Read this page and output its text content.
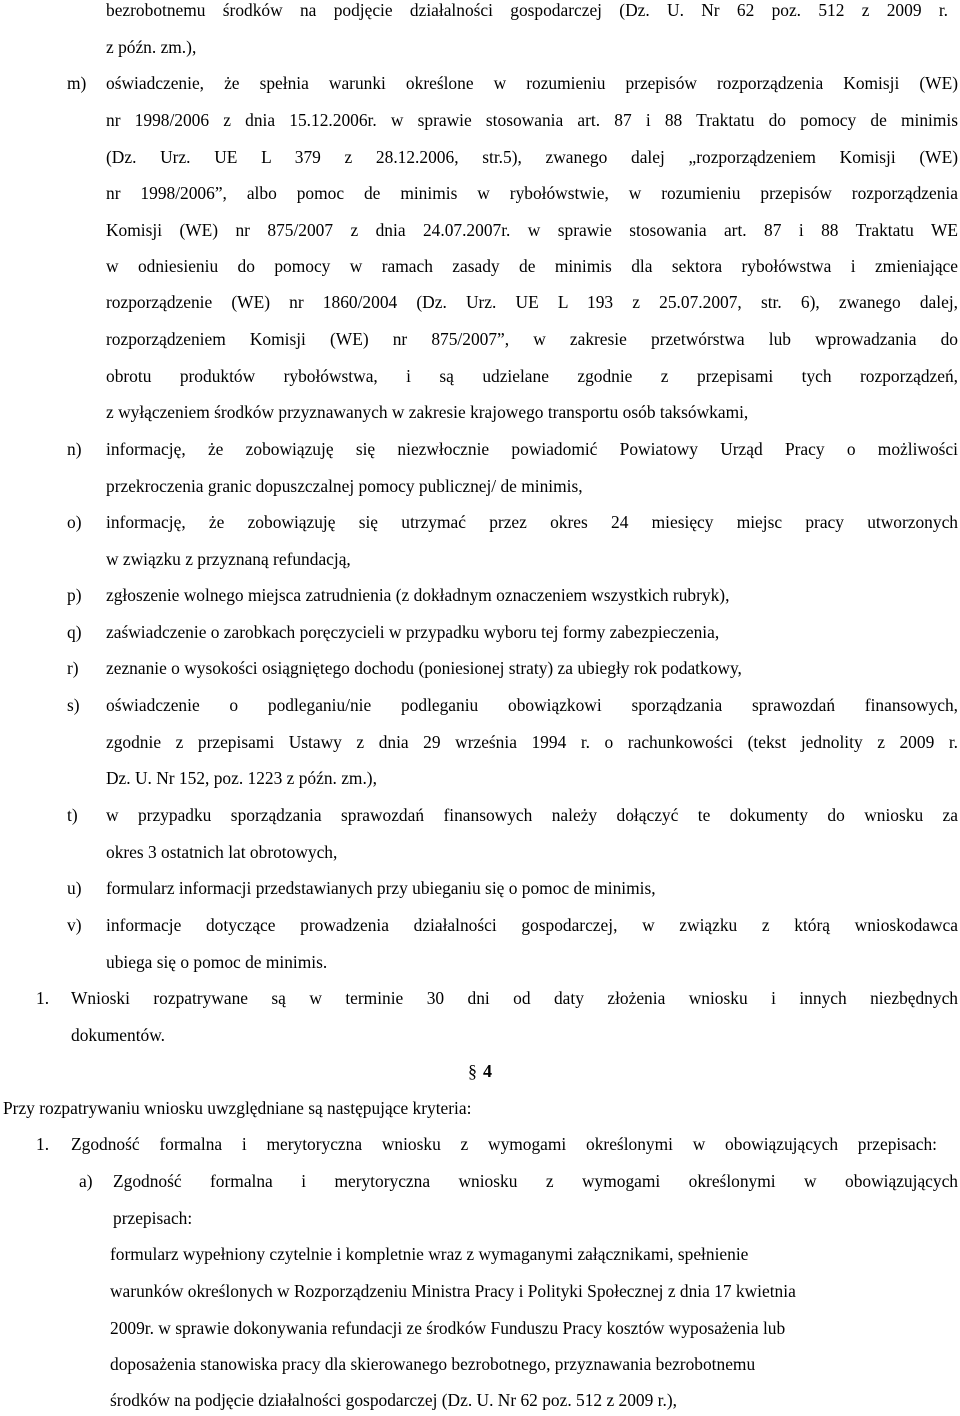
bezrobotnemu środków na podjęcie działalności gospodarczej (Dz. U. Nr 62 poz. 512 z 2009 r.
z późn. zm.),
m) oświadczenie, że spełnia warunki określone w rozumieniu przepisów rozporządzenia Komisji (WE)
nr 1998/2006 z dnia 15.12.2006r. w sprawie stosowania art. 87 i 88 Traktatu do pomocy de minimis
(Dz. Urz. UE L 379 z 28.12.2006, str.5), zwanego dalej „rozporządzeniem Komisji (WE)
nr 1998/2006”, albo pomoc de minimis w rybołówstwie, w rozumieniu przepisów rozporządzenia
Komisji (WE) nr 875/2007 z dnia 24.07.2007r. w sprawie stosowania art. 87 i 88 Traktatu WE
w odniesieniu do pomocy w ramach zasady de minimis dla sektora rybołówstwa i zmieniające
rozporządzenie (WE) nr 1860/2004 (Dz. Urz. UE L 193 z 25.07.2007, str. 6), zwanego dalej,
rozporządzeniem Komisji (WE) nr 875/2007”, w zakresie przetwórstwa lub wprowadzania do
obrotu produktów rybołówstwa, i są udzielane zgodnie z przepisami tych rozporządzeń,
z wyłączeniem środków przyznawanych w zakresie krajowego transportu osób taksówkami,
n) informację, że zobowiązuję się niezwłocznie powiadomić Powiatowy Urząd Pracy o możliwości
przekroczenia granic dopuszczalnej pomocy publicznej/ de minimis,
o) informację, że zobowiązuję się utrzymać przez okres 24 miesięcy miejsc pracy utworzonych
w związku z przyznaną refundacją,
p) zgłoszenie wolnego miejsca zatrudnienia (z dokładnym oznaczeniem wszystkich rubryk),
q) zaświadczenie o zarobkach poręczycieli w przypadku wyboru tej formy zabezpieczenia,
r) zeznanie o wysokości osiągniętego dochodu (poniesionej straty) za ubiegły rok podatkowy,
s) oświadczenie o podleganiu/nie podleganiu obowiązkowi sporządzania sprawozdań finansowych,
zgodnie z przepisami Ustawy z dnia 29 września 1994 r. o rachunkowości (tekst jednolity z 2009 r.
Dz. U. Nr 152, poz. 1223 z późn. zm.),
t) w przypadku sporządzania sprawozdań finansowych należy dołączyć te dokumenty do wniosku za
okres 3 ostatnich lat obrotowych,
u) formularz informacji przedstawianych przy ubieganiu się o pomoc de minimis,
v) informacje dotyczące prowadzenia działalności gospodarczej, w związku z którą wnioskodawca
ubiega się o pomoc de minimis.
1. Wnioski rozpatrywane są w terminie 30 dni od daty złożenia wniosku i innych niezbędnych
dokumentów.
§ 4
Przy rozpatrywaniu wniosku uwzględniane są następujące kryteria:
1. Zgodność formalna i merytoryczna wniosku z wymogami określonymi w obowiązujących przepisach:
a) Zgodność formalna i merytoryczna wniosku z wymogami określonymi w obowiązujących
przepisach:
formularz wypełniony czytelnie i kompletnie wraz z wymaganymi załącznikami, spełnienie
warunków określonych w Rozporządzeniu Ministra Pracy i Polityki Społecznej z dnia 17 kwietnia
2009r. w sprawie dokonywania refundacji ze środków Funduszu Pracy kosztów wyposażenia lub
doposażenia stanowiska pracy dla skierowanego bezrobotnego, przyznawania bezrobotnemu
środków na podjęcie działalności gospodarczej (Dz. U. Nr 62 poz. 512 z 2009 r.),
